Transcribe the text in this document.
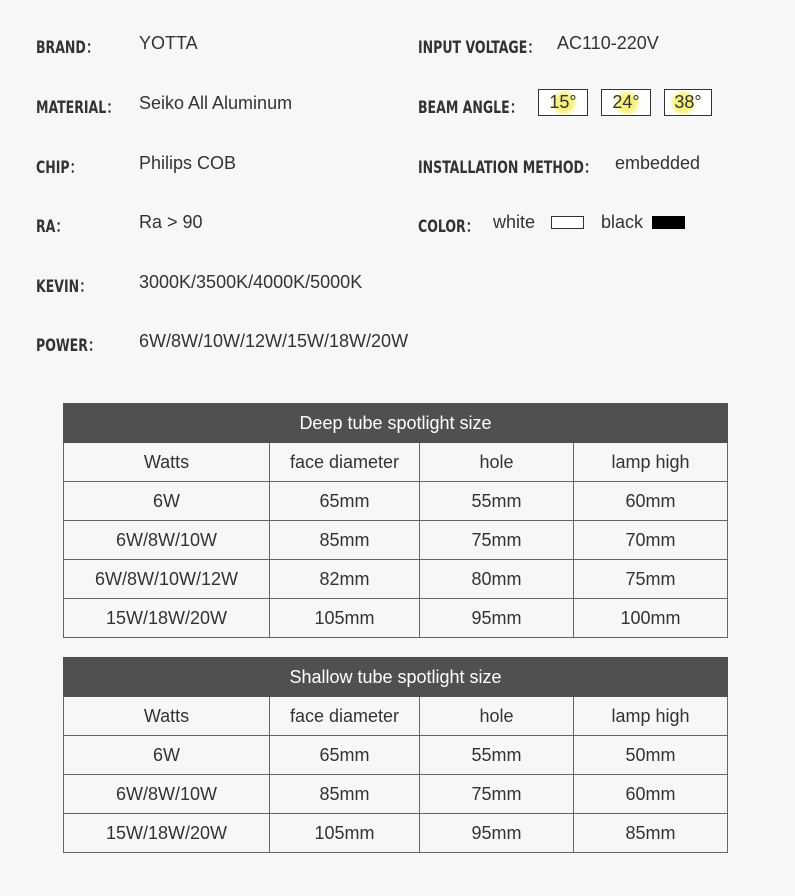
BRAND： YOTTA
MATERIAL： Seiko All Aluminum
CHIP：	Philips COB
RA：	Ra > 90
KEVIN：	3000K/3500K/4000K/5000K
POWER： 6W/8W/10W/12W/15W/18W/20W
INPUT VOLTAGE： AC110-220V
BEAM ANGLE： 15° 24° 38°
INSTALLATION METHOD： embedded
COLOR： white	black
Deep tube spotlight size			
Watts	face diameter	hole	lamp high
6W	65mm	55mm	60mm
6W/8W/10W	85mm	75mm	70mm
6W/8W/10W/12W	82mm	80mm	75mm
15W/18W/20W	105mm	95mm	100mm
Shallow tube spotlight size			
Watts	face diameter	hole	lamp high
6W	65mm	55mm	50mm
6W/8W/10W	85mm	75mm	60mm
15W/18W/20W	105mm	95mm	85mm
